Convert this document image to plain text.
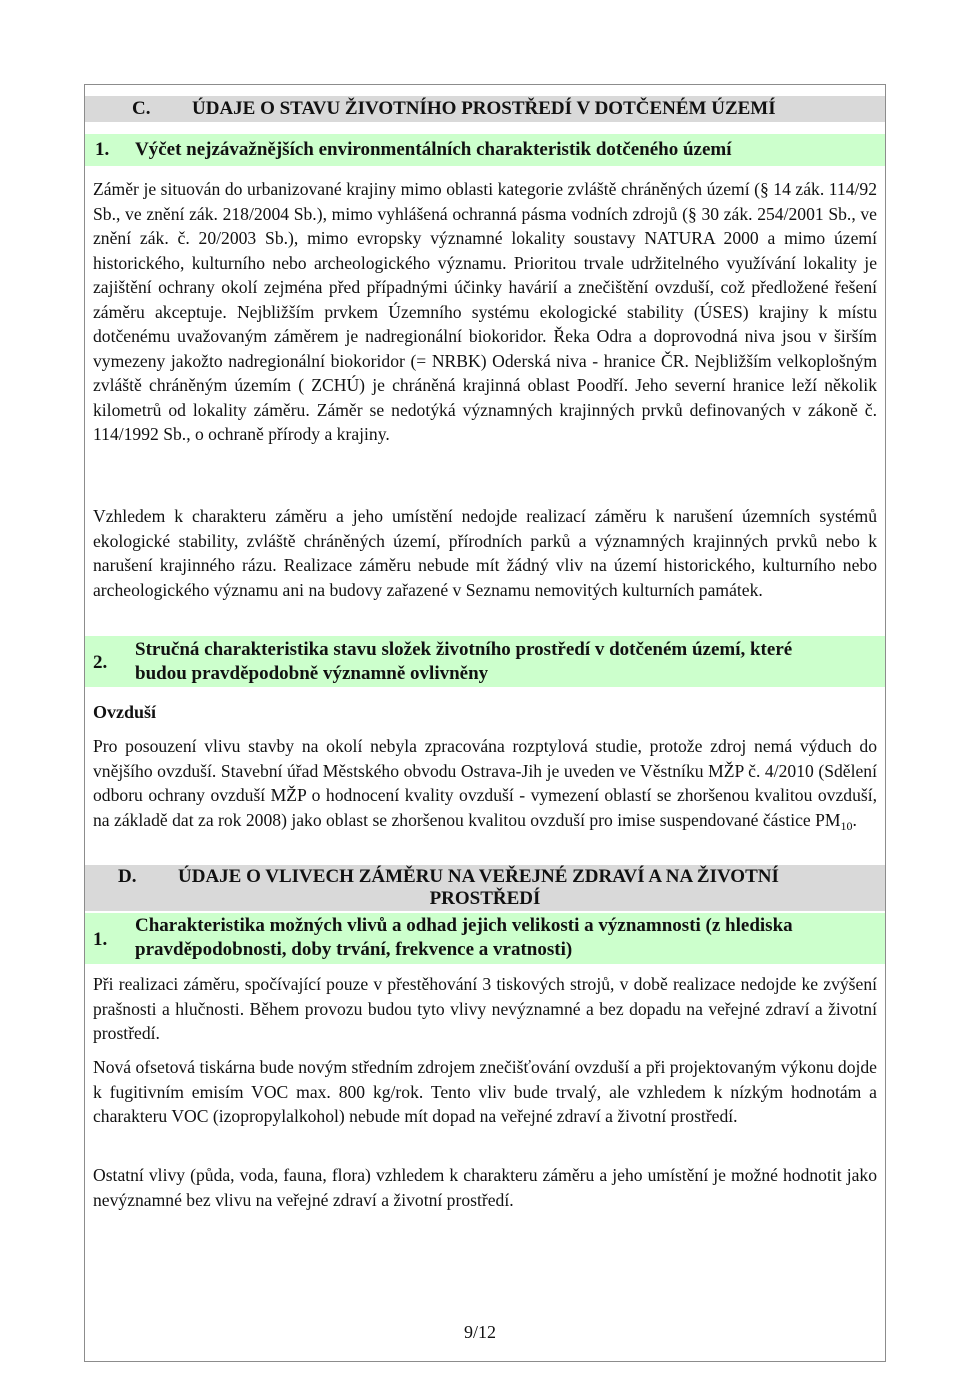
C. ÚDAJE O STAVU ŽIVOTNÍHO PROSTŘEDÍ V DOTČENÉM ÚZEMÍ
1. Výčet nejzávažnějších environmentálních charakteristik dotčeného území

Záměr je situován do urbanizované krajiny mimo oblasti kategorie zvláště chráněných území (§ 14 zák. 114/92 Sb., ve znění zák. 218/2004 Sb.), mimo vyhlášená ochranná pásma vodních zdrojů (§ 30 zák. 254/2001 Sb., ve znění zák. č. 20/2003 Sb.), mimo evropsky významné lokality soustavy NATURA 2000 a mimo území historického, kulturního nebo archeologického významu. Prioritou trvale udržitelného využívání lokality je zajištění ochrany okolí zejména před případnými účinky havárií a znečištění ovzduší, což předložené řešení záměru akceptuje. Nejbližším prvkem Územního systému ekologické stability (ÚSES) krajiny k místu dotčenému uvažovaným záměrem je nadregionální biokoridor. Řeka Odra a doprovodná niva jsou v širším vymezeny jakožto nadregionální biokoridor (= NRBK) Oderská niva - hranice ČR. Nejbližším velkoplošným zvláště chráněným územím ( ZCHÚ) je chráněná krajinná oblast Poodří. Jeho severní hranice leží několik kilometrů od lokality záměru. Záměr se nedotýká významných krajinných prvků definovaných v zákoně č. 114/1992 Sb., o ochraně přírody a krajiny.

Vzhledem k charakteru záměru a jeho umístění nedojde realizací záměru k narušení územních systémů ekologické stability, zvláště chráněných území, přírodních parků a významných krajinných prvků nebo k narušení krajinného rázu. Realizace záměru nebude mít žádný vliv na území historického, kulturního nebo archeologického významu ani na budovy zařazené v Seznamu nemovitých kulturních památek.

2.
Stručná charakteristika stavu složek životního prostředí v dotčeném území, které
budou pravděpodobně významně ovlivněny
Ovzduší

Pro posouzení vlivu stavby na okolí nebyla zpracována rozptylová studie, protože zdroj nemá výduch do vnějšího ovzduší. Stavební úřad Městského obvodu Ostrava-Jih je uveden ve Věstníku MŽP č. 4/2010 (Sdělení odboru ochrany ovzduší MŽP o hodnocení kvality ovzduší - vymezení oblastí se zhoršenou kvalitou ovzduší, na základě dat za rok 2008) jako oblast se zhoršenou kvalitou ovzduší pro imise suspendované částice $PM_{10}$.

D. ÚDAJE O VLIVECH ZÁMĚRU NA VEŘEJNÉ ZDRAVÍ A NA ŽIVOTNÍ
PROSTŘEDÍ
1.
Charakteristika možných vlivů a odhad jejich velikosti a významnosti (z hlediska
pravděpodobnosti, doby trvání, frekvence a vratnosti)

Při realizaci záměru, spočívající pouze v přestěhování 3 tiskových strojů, v době realizace nedojde ke zvýšení prašnosti a hlučnosti. Během provozu budou tyto vlivy nevýznamné a bez dopadu na veřejné zdraví a životní prostředí.

Nová ofsetová tiskárna bude novým středním zdrojem znečišťování ovzduší a při projektovaným výkonu dojde k fugitivním emisím VOC max. 800 kg/rok. Tento vliv bude trvalý, ale vzhledem k nízkým hodnotám a charakteru VOC (izopropylalkohol) nebude mít dopad na veřejné zdraví a životní prostředí.

Ostatní vlivy (půda, voda, fauna, flora) vzhledem k charakteru záměru a jeho umístění je možné hodnotit jako nevýznamné bez vlivu na veřejné zdraví a životní prostředí.

9/12
